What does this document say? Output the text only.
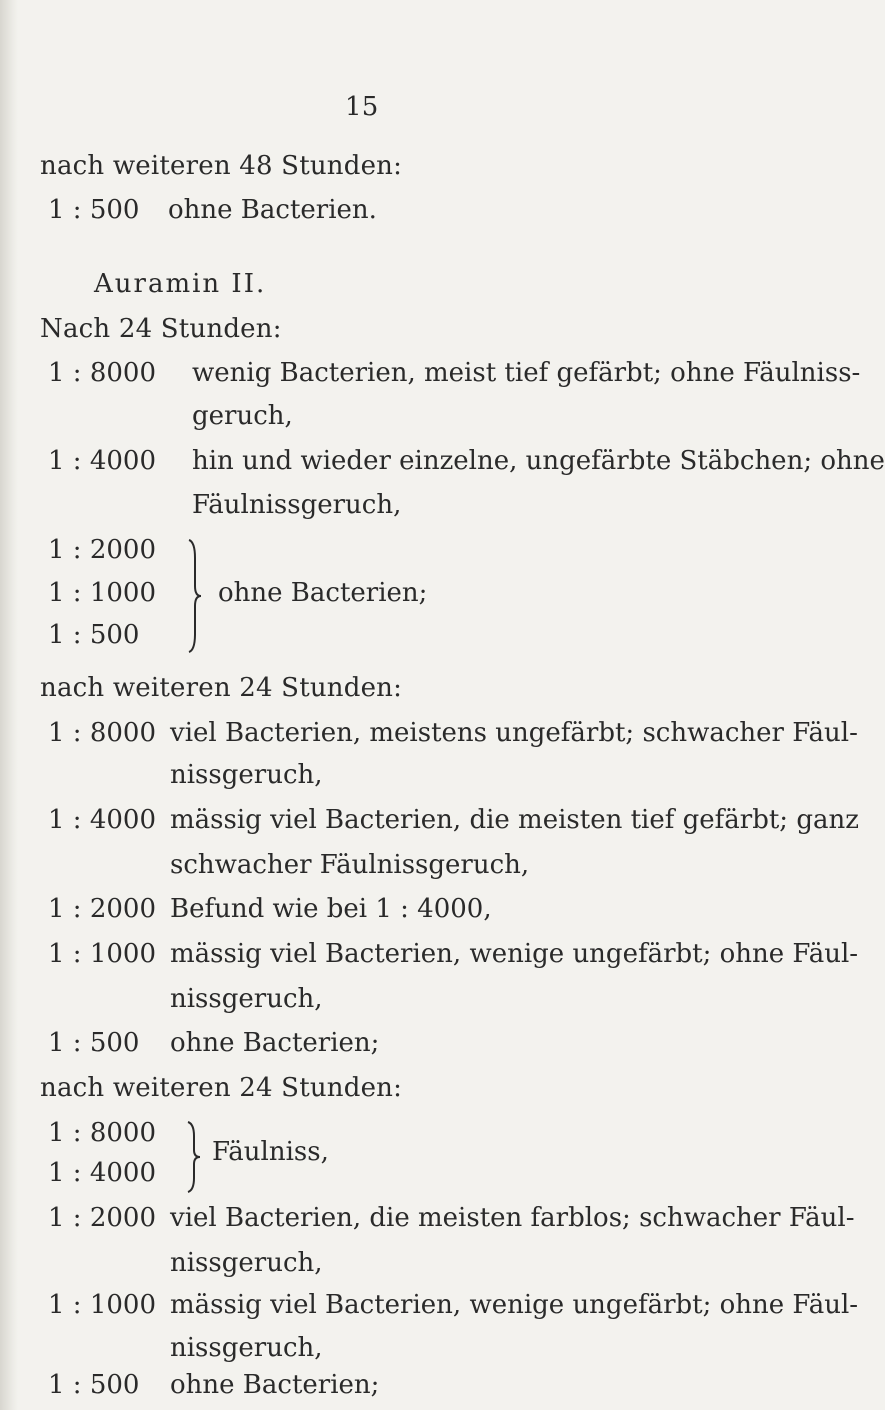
15
nach weiteren 48 Stunden:
1 : 500 ohne Bacterien.
Auramin II.
Nach 24 Stunden:
1 : 8000 wenig Bacterien, meist tief gefärbt; ohne Fäulniss-
geruch,
1 : 4000 hin und wieder einzelne, ungefärbte Stäbchen; ohne
Fäulnissgeruch,
1 : 2000
1 : 1000
1 : 500
ohne Bacterien;
nach weiteren 24 Stunden:
1 : 8000 viel Bacterien, meistens ungefärbt; schwacher Fäul-
nissgeruch,
1 : 4000 mässig viel Bacterien, die meisten tief gefärbt; ganz
schwacher Fäulnissgeruch,
1 : 2000 Befund wie bei 1 : 4000,
1 : 1000 mässig viel Bacterien, wenige ungefärbt; ohne Fäul-
nissgeruch,
1 : 500 ohne Bacterien;
nach weiteren 24 Stunden:
1 : 8000
1 : 4000
Fäulniss,
1 : 2000 viel Bacterien, die meisten farblos; schwacher Fäul-
nissgeruch,
1 : 1000 mässig viel Bacterien, wenige ungefärbt; ohne Fäul-
nissgeruch,
1 : 500 ohne Bacterien;
